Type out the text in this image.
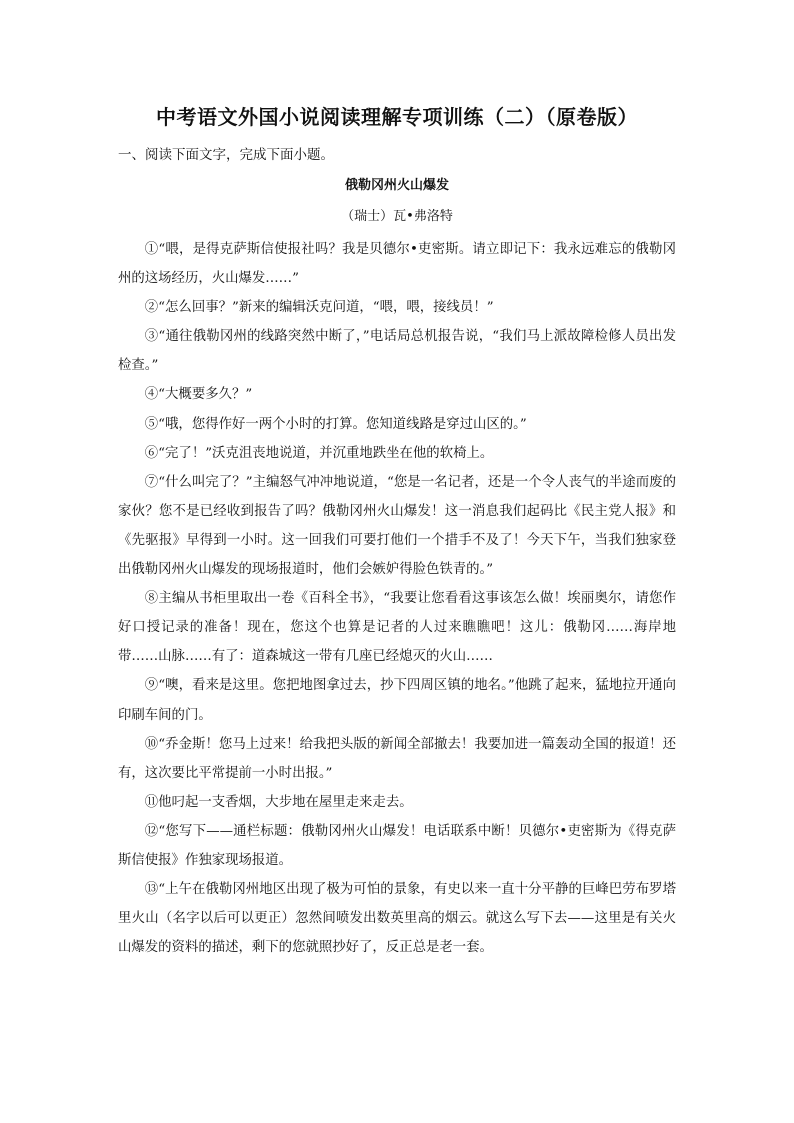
中考语文外国小说阅读理解专项训练（二）（原卷版）
一、阅读下面文字，完成下面小题。
俄勒冈州火山爆发
（瑞士）瓦•弗洛特

①“喂，是得克萨斯信使报社吗？我是贝德尔•吏密斯。请立即记下：我永远难忘的俄勒冈州的这场经历，火山爆发……”

②“怎么回事？”新来的编辑沃克问道，“喂，喂，接线员！”

③“通往俄勒冈州的线路突然中断了，”电话局总机报告说，“我们马上派故障检修人员出发检查。”

④“大概要多久？”

⑤“哦，您得作好一两个小时的打算。您知道线路是穿过山区的。”

⑥“完了！”沃克沮丧地说道，并沉重地跌坐在他的软椅上。

⑦“什么叫完了？”主编怒气冲冲地说道，“您是一名记者，还是一个令人丧气的半途而废的家伙？您不是已经收到报告了吗？俄勒冈州火山爆发！这一消息我们起码比《民主党人报》和《先驱报》早得到一小时。这一回我们可要打他们一个措手不及了！今天下午，当我们独家登出俄勒冈州火山爆发的现场报道时，他们会嫉妒得脸色铁青的。”

⑧主编从书柜里取出一卷《百科全书》，“我要让您看看这事该怎么做！埃丽奥尔，请您作好口授记录的准备！现在，您这个也算是记者的人过来瞧瞧吧！这儿：俄勒冈……海岸地带……山脉……有了：道森城这一带有几座已经熄灭的火山……

⑨“噢，看来是这里。您把地图拿过去，抄下四周区镇的地名。”他跳了起来，猛地拉开通向印刷车间的门。

⑩“乔金斯！您马上过来！给我把头版的新闻全部撤去！我要加进一篇轰动全国的报道！还有，这次要比平常提前一小时出报。”

⑪他叼起一支香烟，大步地在屋里走来走去。

⑫“您写下——通栏标题：俄勒冈州火山爆发！电话联系中断！贝德尔•吏密斯为《得克萨斯信使报》作独家现场报道。

⑬“上午在俄勒冈州地区出现了极为可怕的景象，有史以来一直十分平静的巨峰巴劳布罗塔里火山（名字以后可以更正）忽然间喷发出数英里高的烟云。就这么写下去——这里是有关火山爆发的资料的描述，剩下的您就照抄好了，反正总是老一套。
